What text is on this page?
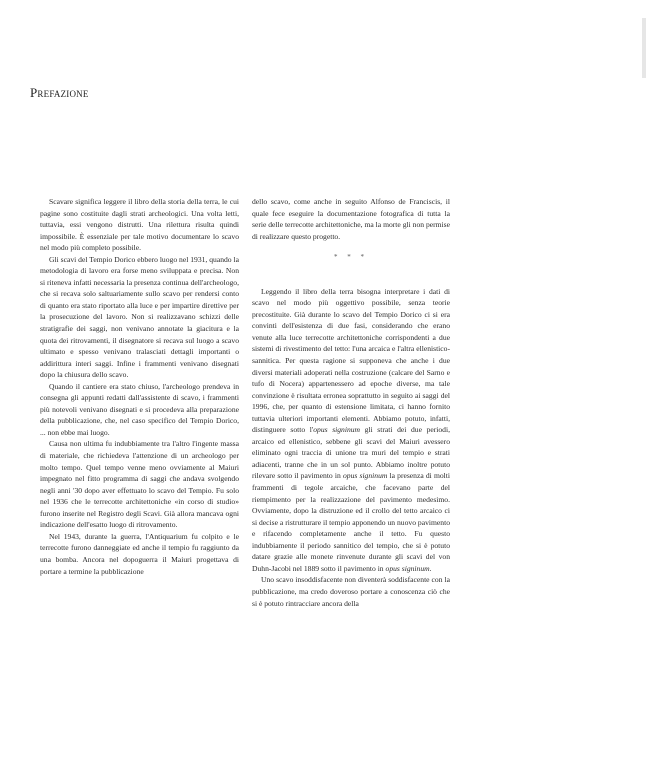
Prefazione

Scavare significa leggere il libro della storia della terra, le cui pagine sono costituite dagli strati archeologici. Una volta letti, tuttavia, essi vengono distrutti. Una rilettura risulta quindi impossibile. È essenziale per tale motivo documentare lo scavo nel modo più completo possibile.

Gli scavi del Tempio Dorico ebbero luogo nel 1931, quando la metodologia di lavoro era forse meno sviluppata e precisa. Non si riteneva infatti necessaria la presenza continua dell'archeologo, che si recava solo saltuariamente sullo scavo per rendersi conto di quanto era stato riportato alla luce e per impartire direttive per la prosecuzione del lavoro. Non si realizzavano schizzi delle stratigrafie dei saggi, non venivano annotate la giacitura e la quota dei ritrovamenti, il disegnatore si recava sul luogo a scavo ultimato e spesso venivano tralasciati dettagli importanti o addirittura interi saggi. Infine i frammenti venivano disegnati dopo la chiusura dello scavo.

Quando il cantiere era stato chiuso, l'archeologo prendeva in consegna gli appunti redatti dall'assistente di scavo, i frammenti più notevoli venivano disegnati e si procedeva alla preparazione della pubblicazione, che, nel caso specifico del Tempio Dorico, ... non ebbe mai luogo.

Causa non ultima fu indubbiamente tra l'altro l'ingente massa di materiale, che richiedeva l'attenzione di un archeologo per molto tempo. Quel tempo venne meno ovviamente al Maiuri impegnato nel fitto programma di saggi che andava svolgendo negli anni '30 dopo aver effettuato lo scavo del Tempio. Fu solo nel 1936 che le terrecotte architettoniche «in corso di studio» furono inserite nel Registro degli Scavi. Già allora mancava ogni indicazione dell'esatto luogo di ritrovamento.

Nel 1943, durante la guerra, l'Antiquarium fu colpito e le terrecotte furono danneggiate ed anche il tempio fu raggiunto da una bomba. Ancora nel dopoguerra il Maiuri progettava di portare a termine la pubblicazione

dello scavo, come anche in seguito Alfonso de Franciscis, il quale fece eseguire la documentazione fotografica di tutta la serie delle terrecotte architettoniche, ma la morte gli non permise di realizzare questo progetto.

* * *

Leggendo il libro della terra bisogna interpretare i dati di scavo nel modo più oggettivo possibile, senza teorie precostituite. Già durante lo scavo del Tempio Dorico ci si era convinti dell'esistenza di due fasi, considerando che erano venute alla luce terrecotte architettoniche corrispondenti a due sistemi di rivestimento del tetto: l'una arcaica e l'altra ellenistico-sannitica. Per questa ragione si supponeva che anche i due diversi materiali adoperati nella costruzione (calcare del Sarno e tufo di Nocera) appartenessero ad epoche diverse, ma tale convinzione è risultata erronea soprattutto in seguito ai saggi del 1996, che, per quanto di estensione limitata, ci hanno fornito tuttavia ulteriori importanti elementi. Abbiamo potuto, infatti, distinguere sotto l'opus signinum gli strati dei due periodi, arcaico ed ellenistico, sebbene gli scavi del Maiuri avessero eliminato ogni traccia di unione tra muri del tempio e strati adiacenti, tranne che in un sol punto. Abbiamo inoltre potuto rilevare sotto il pavimento in opus signinum la presenza di molti frammenti di tegole arcaiche, che facevano parte del riempimento per la realizzazione del pavimento medesimo. Ovviamente, dopo la distruzione ed il crollo del tetto arcaico ci si decise a ristrutturare il tempio apponendo un nuovo pavimento e rifacendo completamente anche il tetto. Fu questo indubbiamente il periodo sannitico del tempio, che si è potuto datare grazie alle monete rinvenute durante gli scavi del von Duhn-Jacobi nel 1889 sotto il pavimento in opus signinum.

Uno scavo insoddisfacente non diventerà soddisfacente con la pubblicazione, ma credo doveroso portare a conoscenza ciò che si è potuto rintracciare ancora della
